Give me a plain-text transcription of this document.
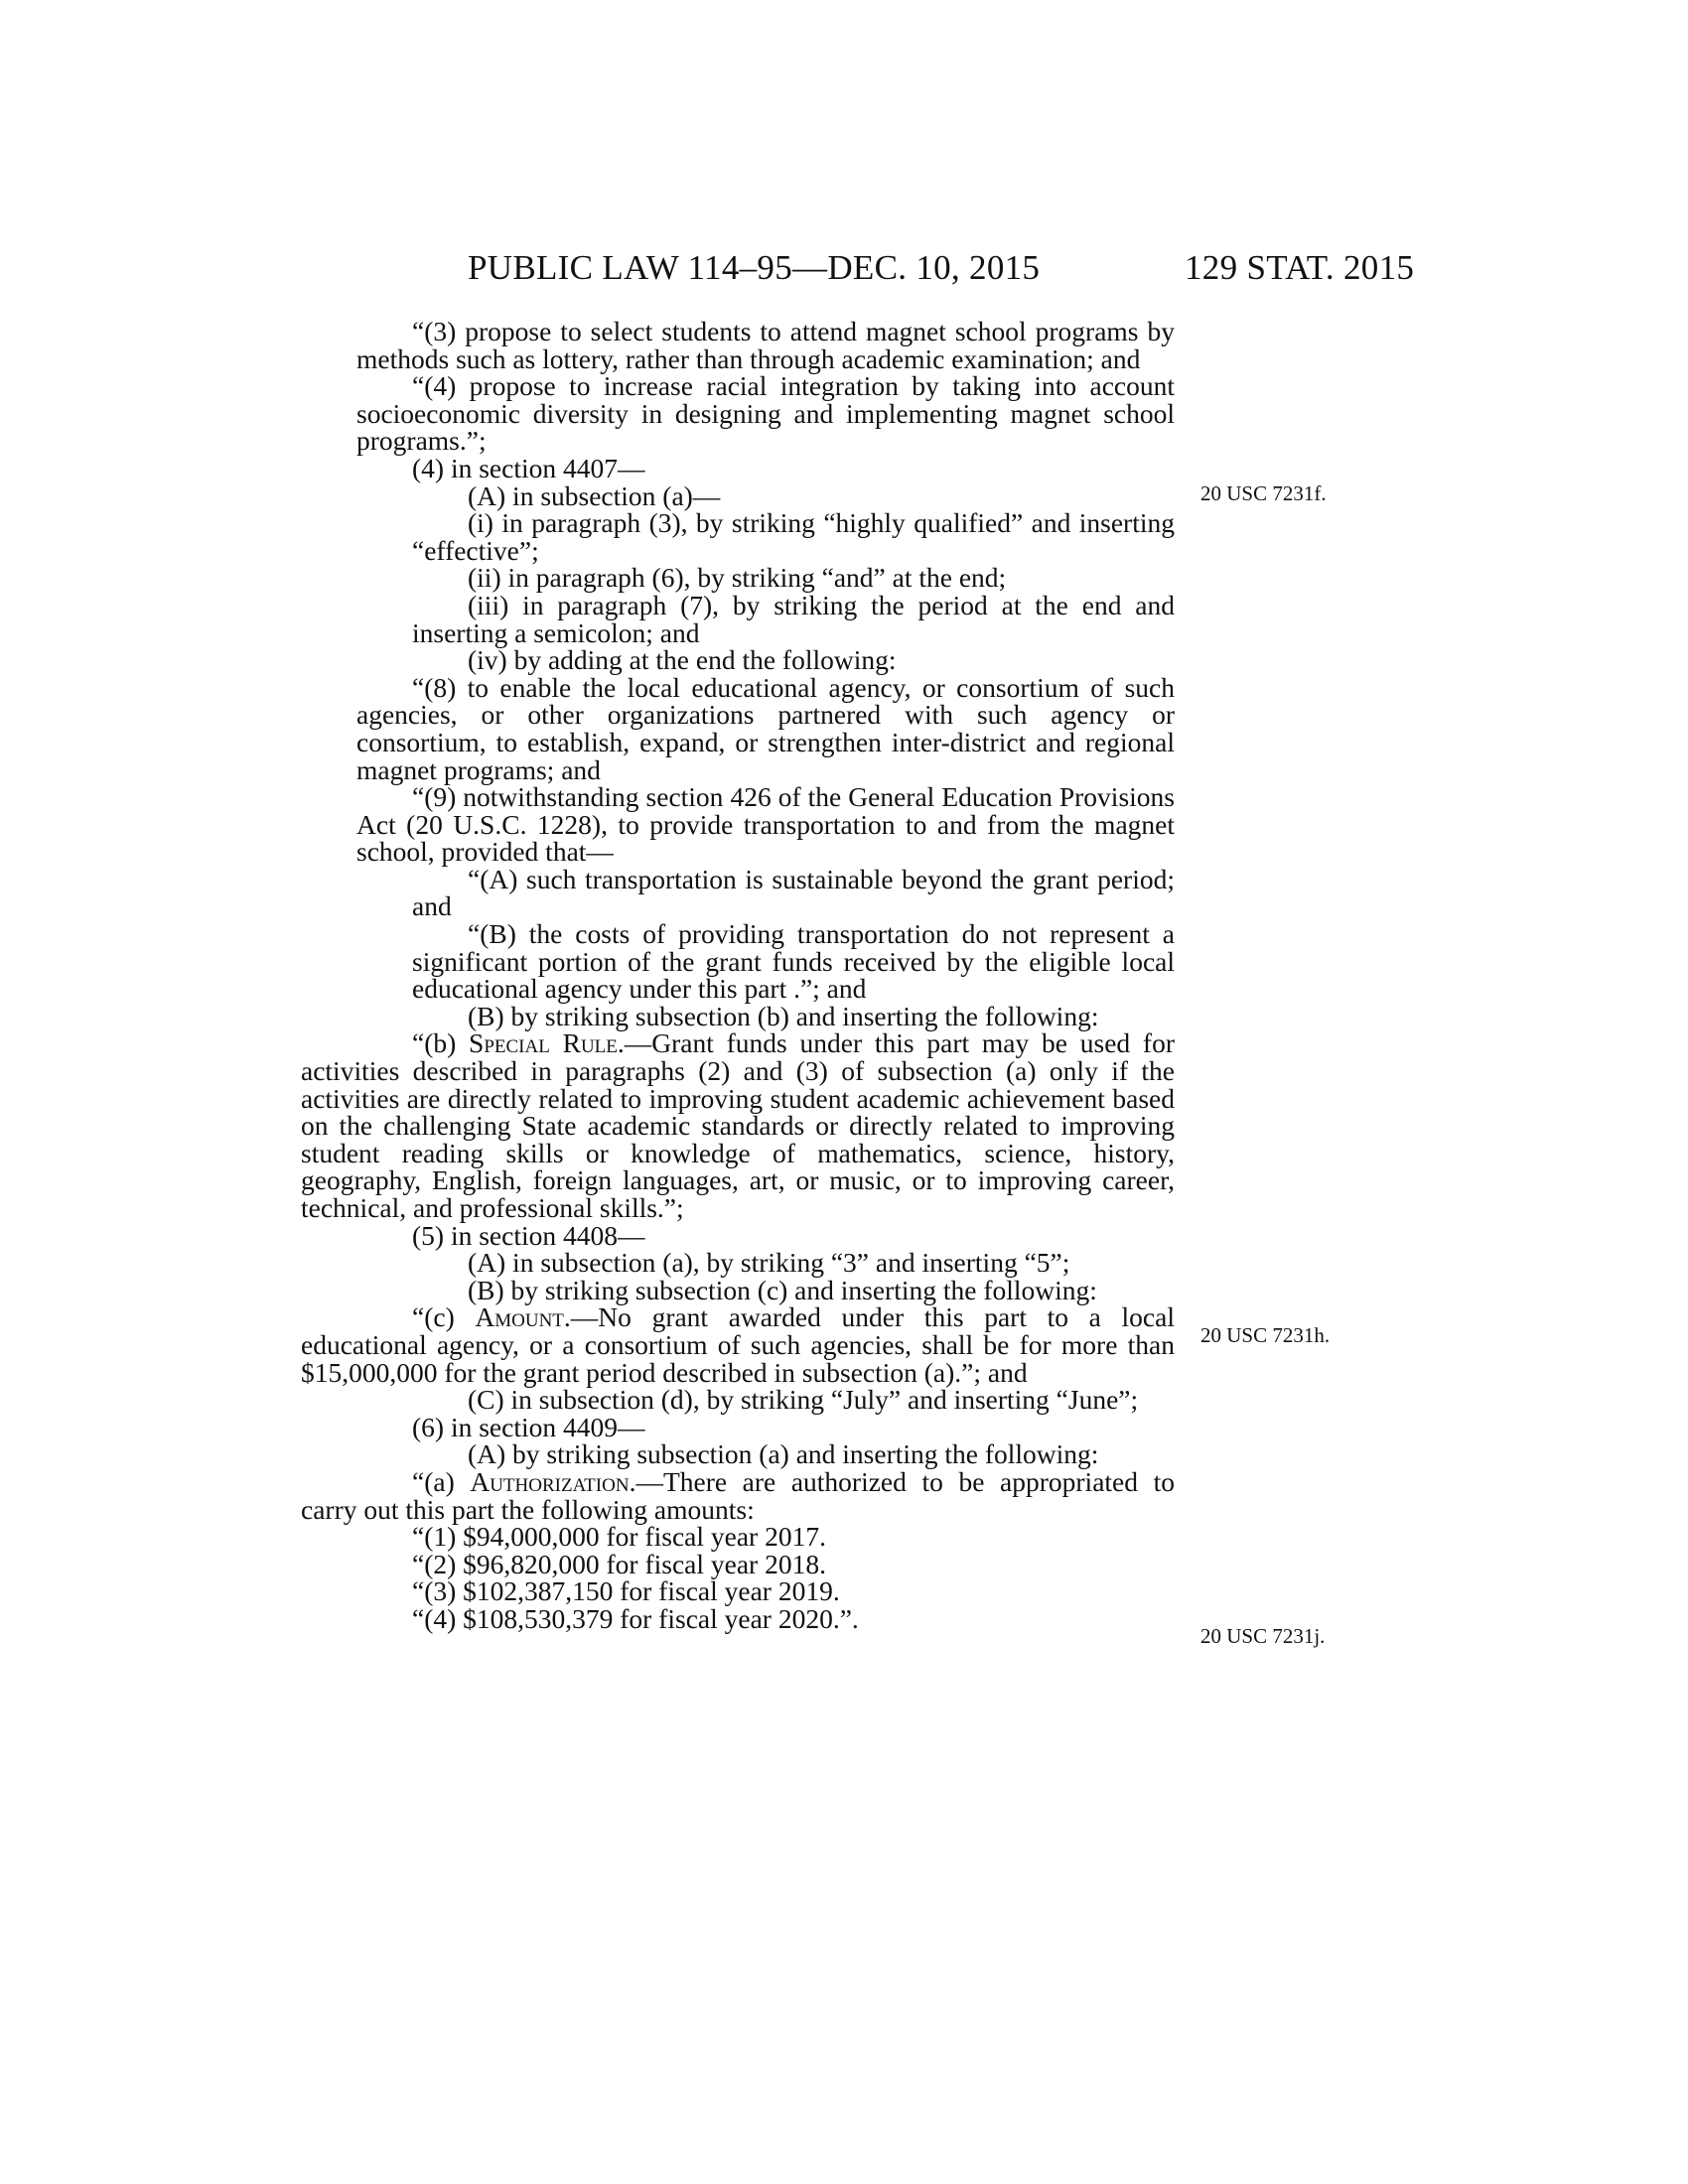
PUBLIC LAW 114–95—DEC. 10, 2015	129 STAT. 2015
20 USC 7231f.
20 USC 7231h.
20 USC 7231j.

“(3) propose to select students to attend magnet school programs by methods such as lottery, rather than through academic examination; and

“(4) propose to increase racial integration by taking into account socioeconomic diversity in designing and implementing magnet school programs.”;

(4) in section 4407—

(A) in subsection (a)—

(i) in paragraph (3), by striking “highly qualified” and inserting “effective”;

(ii) in paragraph (6), by striking “and” at the end;

(iii) in paragraph (7), by striking the period at the end and inserting a semicolon; and

(iv) by adding at the end the following:

“(8) to enable the local educational agency, or consortium of such agencies, or other organizations partnered with such agency or consortium, to establish, expand, or strengthen inter-district and regional magnet programs; and

“(9) notwithstanding section 426 of the General Education Provisions Act (20 U.S.C. 1228), to provide transportation to and from the magnet school, provided that—

“(A) such transportation is sustainable beyond the grant period; and

“(B) the costs of providing transportation do not represent a significant portion of the grant funds received by the eligible local educational agency under this part .”; and

(B) by striking subsection (b) and inserting the following:

“(b) Special Rule.—Grant funds under this part may be used for activities described in paragraphs (2) and (3) of subsection (a) only if the activities are directly related to improving student academic achievement based on the challenging State academic standards or directly related to improving student reading skills or knowledge of mathematics, science, history, geography, English, foreign languages, art, or music, or to improving career, technical, and professional skills.”;

(5) in section 4408—

(A) in subsection (a), by striking “3” and inserting “5”;

(B) by striking subsection (c) and inserting the following:

“(c) Amount.—No grant awarded under this part to a local educational agency, or a consortium of such agencies, shall be for more than $15,000,000 for the grant period described in subsection (a).”; and

(C) in subsection (d), by striking “July” and inserting “June”;

(6) in section 4409—

(A) by striking subsection (a) and inserting the following:

“(a) Authorization.—There are authorized to be appropriated to carry out this part the following amounts:

“(1) $94,000,000 for fiscal year 2017.

“(2) $96,820,000 for fiscal year 2018.

“(3) $102,387,150 for fiscal year 2019.

“(4) $108,530,379 for fiscal year 2020.”.
